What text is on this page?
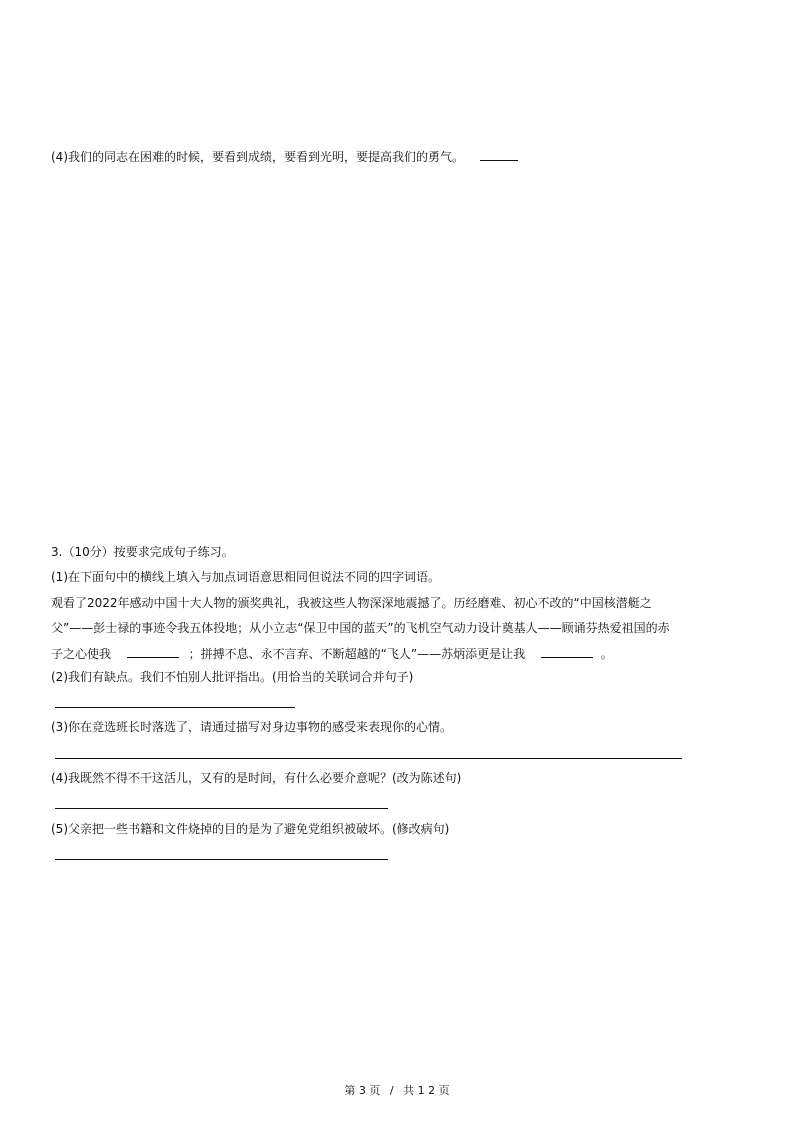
(4)我们的同志在困难的时候，要看到成绩，要看到光明，要提高我们的勇气。
3.（10分）按要求完成句子练习。
(1)在下面句中的横线上填入与加点词语意思相同但说法不同的四字词语。
观看了2022年感动中国十大人物的颁奖典礼，我被这些人物深深地震撼了。历经磨难、初心不改的“中国核潜艇之
父”——彭士禄的事迹令我五体投地；从小立志“保卫中国的蓝天”的飞机空气动力设计奠基人——顾诵芬热爱祖国的赤
子之心使我	；拼搏不息、永不言弃、不断超越的“飞人”——苏炳添更是让我	。
(2)我们有缺点。我们不怕别人批评指出。(用恰当的关联词合并句子)
(3)你在竞选班长时落选了，请通过描写对身边事物的感受来表现你的心情。
(4)我既然不得不干这活儿，又有的是时间，有什么必要介意呢？(改为陈述句)
(5)父亲把一些书籍和文件烧掉的目的是为了避免党组织被破坏。(修改病句)
第 3 页 / 共 1 2 页
